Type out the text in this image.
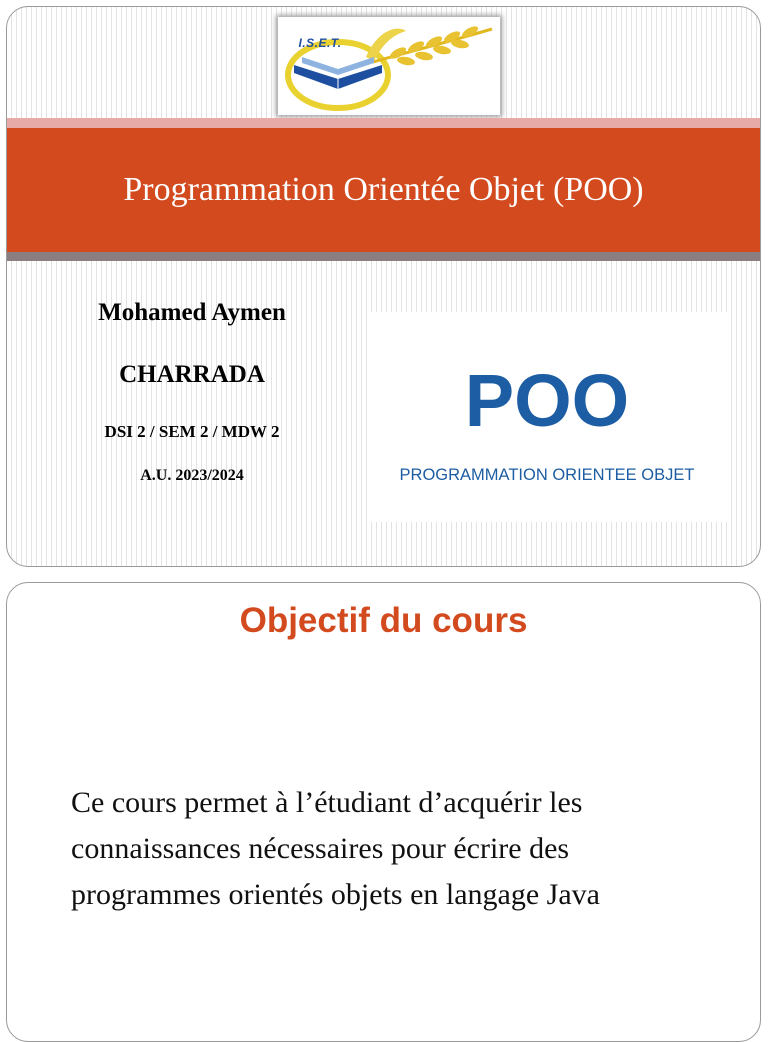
I.S.E.T.
Programmation Orientée Objet (POO)
Mohamed Aymen
CHARRADA
DSI 2 / SEM 2 / MDW 2
A.U. 2023/2024
POO
PROGRAMMATION ORIENTEE OBJET
Objectif du cours
Ce cours permet à l’étudiant d’acquérir les connaissances nécessaires pour écrire des programmes orientés objets en langage Java
